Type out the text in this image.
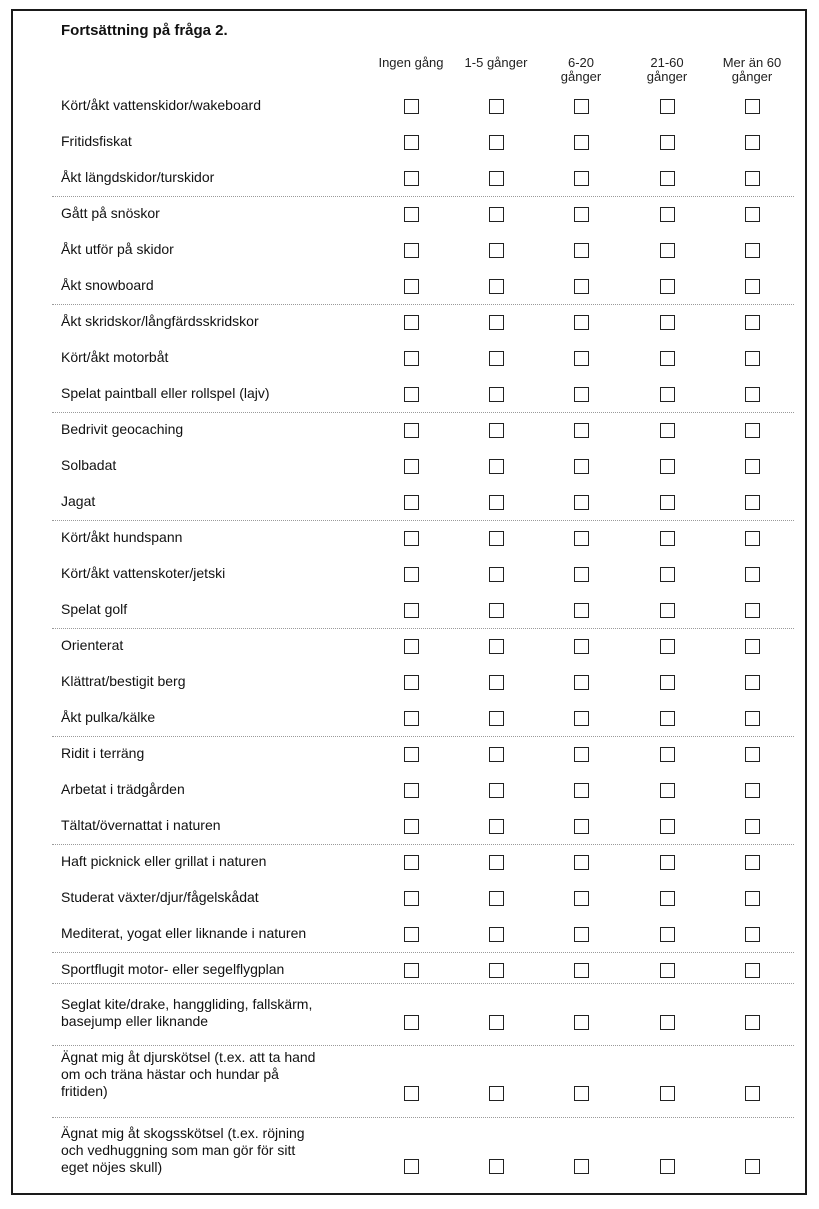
Fortsättning på fråga 2.
Ingen gång	1-5 gånger	6-20
gånger
21-60
gånger
Mer än 60
gånger
Kört/åkt vattenskidor/wakeboard
Fritidsfiskat
Åkt längdskidor/turskidor
Gått på snöskor
Åkt utför på skidor
Åkt snowboard
Åkt skridskor/långfärdsskridskor
Kört/åkt motorbåt
Spelat paintball eller rollspel (lajv)
Bedrivit geocaching
Solbadat
Jagat
Kört/åkt hundspann
Kört/åkt vattenskoter/jetski
Spelat golf
Orienterat
Klättrat/bestigit berg
Åkt pulka/kälke
Ridit i terräng
Arbetat i trädgården
Tältat/övernattat i naturen
Haft picknick eller grillat i naturen
Studerat växter/djur/fågelskådat
Mediterat, yogat eller liknande i naturen
Sportflugit motor- eller segelflygplan
Seglat kite/drake, hanggliding, fallskärm,
basejump eller liknande
Ägnat mig åt djurskötsel (t.ex. att ta hand
om och träna hästar och hundar på
fritiden)
Ägnat mig åt skogsskötsel (t.ex. röjning
och vedhuggning som man gör för sitt
eget nöjes skull)
